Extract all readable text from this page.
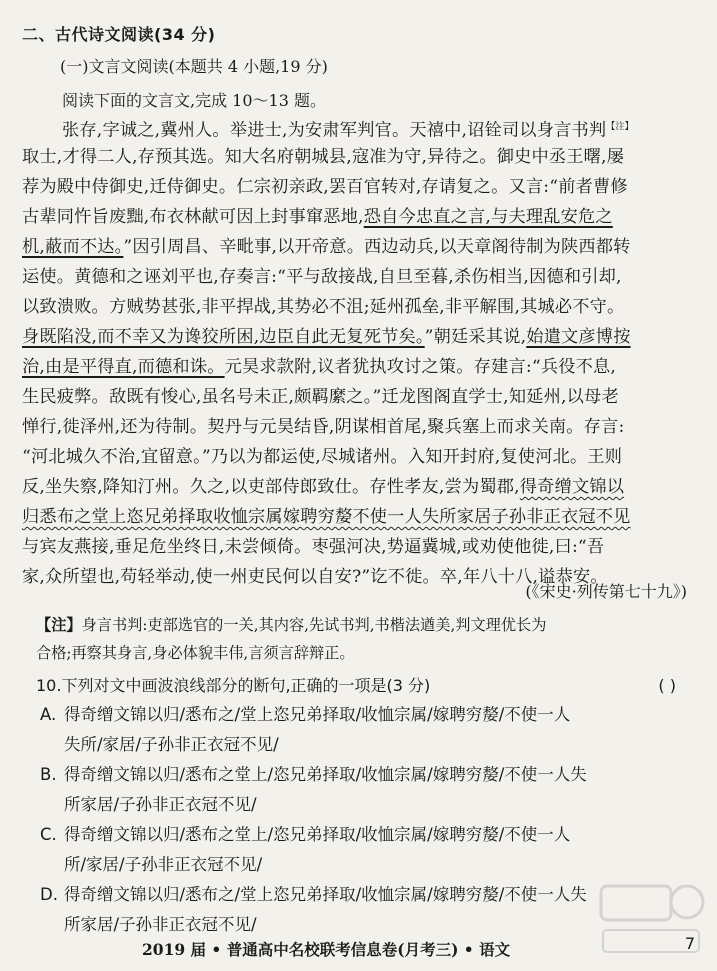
二、古代诗文阅读(34 分)
(一)文言文阅读(本题共 4 小题,19 分)
阅读下面的文言文,完成 10～13 题。
张存,字诚之,冀州人。举进士,为安肃军判官。天禧中,诏铨司以身言书判$^{【注】}$
取士,才得二人,存预其选。知大名府朝城县,寇准为守,异待之。御史中丞王曙,屡
荐为殿中侍御史,迁侍御史。仁宗初亲政,罢百官转对,存请复之。又言:“前者曹修
古辈同忤旨废黜,布衣林献可因上封事窜恶地,恐自今忠直之言,与夫理乱安危之
机,蔽而不达。”因引周昌、辛毗事,以开帝意。西边动兵,以天章阁待制为陕西都转
运使。黄德和之诬刘平也,存奏言:“平与敌接战,自旦至暮,杀伤相当,因德和引却,
以致溃败。方贼势甚张,非平捍战,其势必不沮;延州孤垒,非平解围,其城必不守。
身既陷没,而不幸又为谗狡所困,边臣自此无复死节矣。”朝廷采其说,始遣文彦博按
治,由是平得直,而德和诛。元昊求款附,议者犹执攻讨之策。存建言:“兵役不息,
生民疲弊。敌既有悛心,虽名号未正,颇羁縻之。”迁龙图阁直学士,知延州,以母老
惮行,徙泽州,还为待制。契丹与元昊结昏,阴谋相首尾,聚兵塞上而求关南。存言:
“河北城久不治,宜留意。”乃以为都运使,尽城诸州。入知开封府,复使河北。王则
反,坐失察,降知汀州。久之,以吏部侍郎致仕。存性孝友,尝为蜀郡,得奇缯文锦以
归悉布之堂上恣兄弟择取收恤宗属嫁聘穷嫠不使一人失所家居子孙非正衣冠不见
与宾友燕接,垂足危坐终日,未尝倾倚。枣强河决,势逼冀城,或劝使他徙,曰:“吾
家,众所望也,苟轻举动,使一州吏民何以自安?”讫不徙。卒,年八十八,谥恭安。
(《宋史·列传第七十九》)
【注】身言书判:吏部选官的一关,其内容,先试书判,书楷法遒美,判文理优长为
合格;再察其身言,身必体貌丰伟,言须言辞辩正。
10.下列对文中画波浪线部分的断句,正确的一项是(3 分)	( )
A. 得奇缯文锦以归/悉布之/堂上恣兄弟择取/收恤宗属/嫁聘穷嫠/不使一人
失所/家居/子孙非正衣冠不见/
B. 得奇缯文锦以归/悉布之堂上/恣兄弟择取/收恤宗属/嫁聘穷嫠/不使一人失
所家居/子孙非正衣冠不见/
C. 得奇缯文锦以归/悉布之堂上/恣兄弟择取/收恤宗属/嫁聘穷嫠/不使一人
所/家居/子孙非正衣冠不见/
D. 得奇缯文锦以归/悉布之/堂上恣兄弟择取/收恤宗属/嫁聘穷嫠/不使一人失
所家居/子孙非正衣冠不见/
2019 届 • 普通高中名校联考信息卷(月考三) • 语文	7
